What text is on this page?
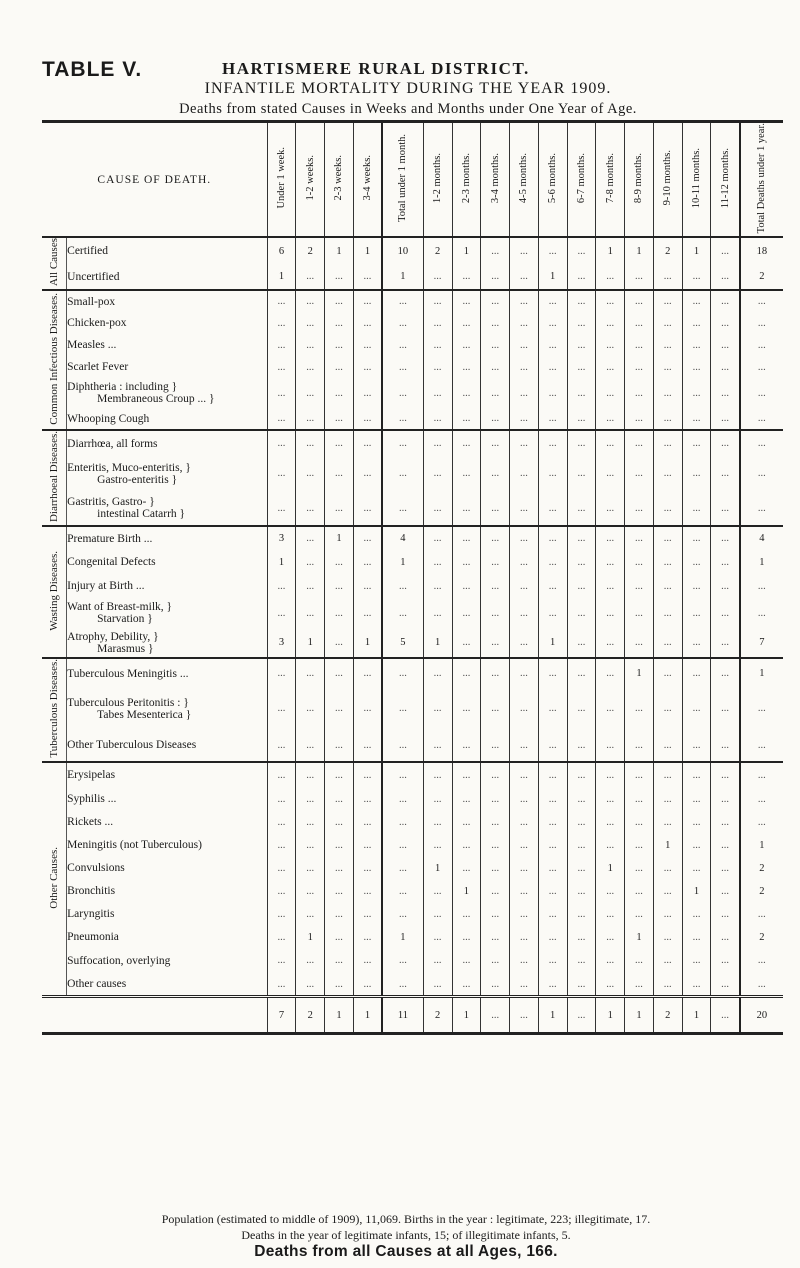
TABLE V.	HARTISMERE RURAL DISTRICT.
INFANTILE MORTALITY DURING THE YEAR 1909.
Deaths from stated Causes in Weeks and Months under One Year of Age.
CAUSE OF DEATH.		Under 1 week.	1-2 weeks.	2-3 weeks.	3-4 weeks.	Total under 1 month.	1-2 months.	2-3 months.	3-4 months.	4-5 months.	5-6 months.	6-7 months.	7-8 months.	8-9 months.	9-10 months.	10-11 months.	11-12 months.	Total Deaths under 1 year.
All Causes	Certified	6	2	1	1	10	2	1	...	...	...	...	1	1	2	1	...	18
	Uncertified	1	...	...	...	1	...	...	...	...	1	...	...	...	...	...	...	2
Common Infectious Diseases.	Small-pox	...	...	...	...	...	...	...	...	...	...	...	...	...	...	...	...	...
	Chicken-pox	...	...	...	...	...	...	...	...	...	...	...	...	...	...	...	...	...
	Measles ...	...	...	...	...	...	...	...	...	...	...	...	...	...	...	...	...	...
	Scarlet Fever	...	...	...	...	...	...	...	...	...	...	...	...	...	...	...	...	...
	Diphtheria : including }
Membraneous Croup ... }	...	...	...	...	...	...	...	...	...	...	...	...	...	...	...	...	...
	Whooping Cough	...	...	...	...	...	...	...	...	...	...	...	...	...	...	...	...	...
Diarrhoeal Diseases.	Diarrhœa, all forms	...	...	...	...	...	...	...	...	...	...	...	...	...	...	...	...	...
	Enteritis, Muco-enteritis, }
Gastro-enteritis }	...	...	...	...	...	...	...	...	...	...	...	...	...	...	...	...	...
	Gastritis, Gastro- }
intestinal Catarrh }	...	...	...	...	...	...	...	...	...	...	...	...	...	...	...	...	...
Wasting Diseases.	Premature Birth ...	3	...	1	...	4	...	...	...	...	...	...	...	...	...	...	...	4
	Congenital Defects	1	...	...	...	1	...	...	...	...	...	...	...	...	...	...	...	1
	Injury at Birth ...	...	...	...	...	...	...	...	...	...	...	...	...	...	...	...	...	...
	Want of Breast-milk, }
Starvation }	...	...	...	...	...	...	...	...	...	...	...	...	...	...	...	...	...
	Atrophy, Debility, }
Marasmus }	3	1	...	1	5	1	...	...	...	1	...	...	...	...	...	...	7
Tuberculous Diseases.	Tuberculous Meningitis ...	...	...	...	...	...	...	...	...	...	...	...	...	1	...	...	...	1
	Tuberculous Peritonitis : }
Tabes Mesenterica }	...	...	...	...	...	...	...	...	...	...	...	...	...	...	...	...	...
	Other Tuberculous Diseases	...	...	...	...	...	...	...	...	...	...	...	...	...	...	...	...	...
Other Causes.	Erysipelas	...	...	...	...	...	...	...	...	...	...	...	...	...	...	...	...	...
	Syphilis ...	...	...	...	...	...	...	...	...	...	...	...	...	...	...	...	...	...
	Rickets ...	...	...	...	...	...	...	...	...	...	...	...	...	...	...	...	...	...
	Meningitis (not Tuberculous)	...	...	...	...	...	...	...	...	...	...	...	...	...	1	...	...	1
	Convulsions	...	...	...	...	...	1	...	...	...	...	...	1	...	...	...	...	2
	Bronchitis	...	...	...	...	...	...	1	...	...	...	...	...	...	...	1	...	2
	Laryngitis	...	...	...	...	...	...	...	...	...	...	...	...	...	...	...	...	...
	Pneumonia	...	1	...	...	1	...	...	...	...	...	...	...	1	...	...	...	2
	Suffocation, overlying	...	...	...	...	...	...	...	...	...	...	...	...	...	...	...	...	...
	Other causes	...	...	...	...	...	...	...	...	...	...	...	...	...	...	...	...	...
		7	2	1	1	11	2	1	...	...	1	...	1	1	2	1	...	20
Population (estimated to middle of 1909), 11,069. Births in the year : legitimate, 223; illegitimate, 17.
Deaths in the year of legitimate infants, 15; of illegitimate infants, 5.
Deaths from all Causes at all Ages, 166.
